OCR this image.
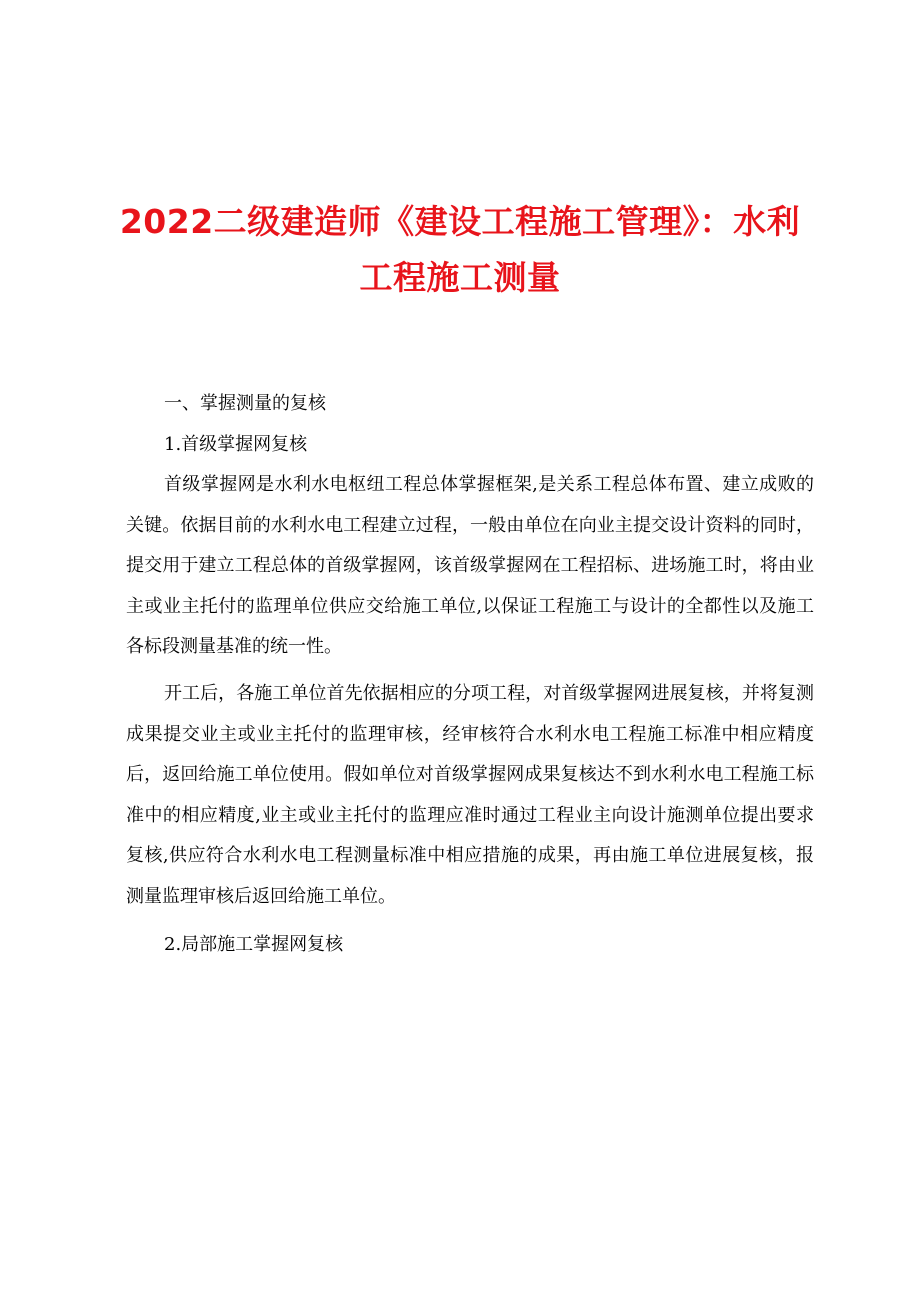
2022二级建造师《建设工程施工管理》：水利工程施工测量
一、掌握测量的复核
1.首级掌握网复核

首级掌握网是水利水电枢纽工程总体掌握框架,是关系工程总体布置、建立成败的关键。依据目前的水利水电工程建立过程，一般由单位在向业主提交设计资料的同时，提交用于建立工程总体的首级掌握网，该首级掌握网在工程招标、进场施工时，将由业主或业主托付的监理单位供应交给施工单位,以保证工程施工与设计的全都性以及施工各标段测量基准的统一性。

开工后，各施工单位首先依据相应的分项工程，对首级掌握网进展复核，并将复测成果提交业主或业主托付的监理审核，经审核符合水利水电工程施工标准中相应精度后，返回给施工单位使用。假如单位对首级掌握网成果复核达不到水利水电工程施工标准中的相应精度,业主或业主托付的监理应准时通过工程业主向设计施测单位提出要求复核,供应符合水利水电工程测量标准中相应措施的成果，再由施工单位进展复核，报测量监理审核后返回给施工单位。

2.局部施工掌握网复核
